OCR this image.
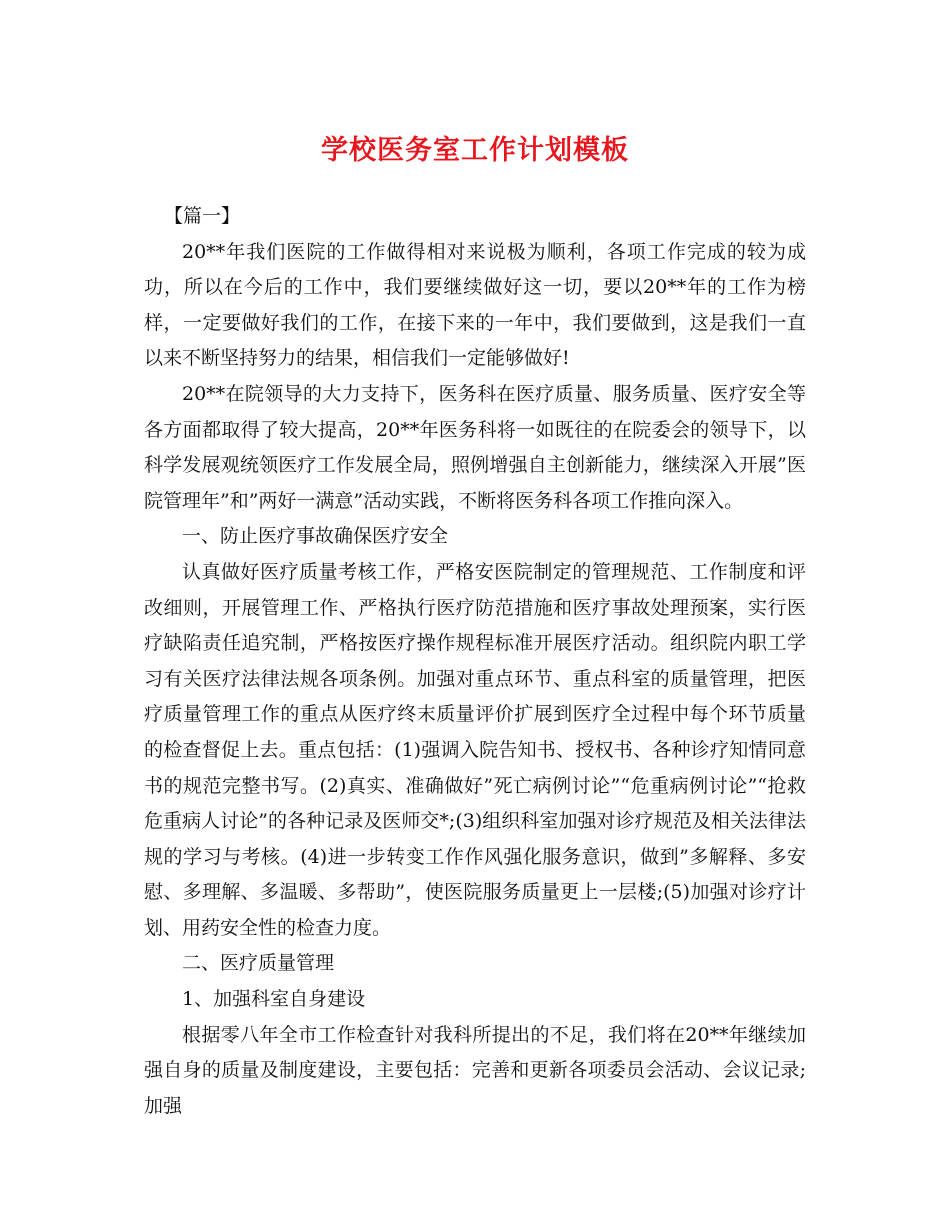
学校医务室工作计划模板

【篇一】

20**年我们医院的工作做得相对来说极为顺利，各项工作完成的较为成功，所以在今后的工作中，我们要继续做好这一切，要以20**年的工作为榜样，一定要做好我们的工作，在接下来的一年中，我们要做到，这是我们一直以来不断坚持努力的结果，相信我们一定能够做好!

20**在院领导的大力支持下，医务科在医疗质量、服务质量、医疗安全等各方面都取得了较大提高，20**年医务科将一如既往的在院委会的领导下，以科学发展观统领医疗工作发展全局，照例增强自主创新能力，继续深入开展”医院管理年”和”两好一满意”活动实践，不断将医务科各项工作推向深入。

一、防止医疗事故确保医疗安全

认真做好医疗质量考核工作，严格安医院制定的管理规范、工作制度和评改细则，开展管理工作、严格执行医疗防范措施和医疗事故处理预案，实行医疗缺陷责任追究制，严格按医疗操作规程标准开展医疗活动。组织院内职工学习有关医疗法律法规各项条例。加强对重点环节、重点科室的质量管理，把医疗质量管理工作的重点从医疗终末质量评价扩展到医疗全过程中每个环节质量的检查督促上去。重点包括：(1)强调入院告知书、授权书、各种诊疗知情同意书的规范完整书写。(2)真实、准确做好”死亡病例讨论”“危重病例讨论”“抢救危重病人讨论”的各种记录及医师交*;(3)组织科室加强对诊疗规范及相关法律法规的学习与考核。(4)进一步转变工作作风强化服务意识，做到”多解释、多安慰、多理解、多温暖、多帮助”，使医院服务质量更上一层楼;(5)加强对诊疗计划、用药安全性的检查力度。

二、医疗质量管理

1、加强科室自身建设

根据零八年全市工作检查针对我科所提出的不足，我们将在20**年继续加强自身的质量及制度建设，主要包括：完善和更新各项委员会活动、会议记录;加强
